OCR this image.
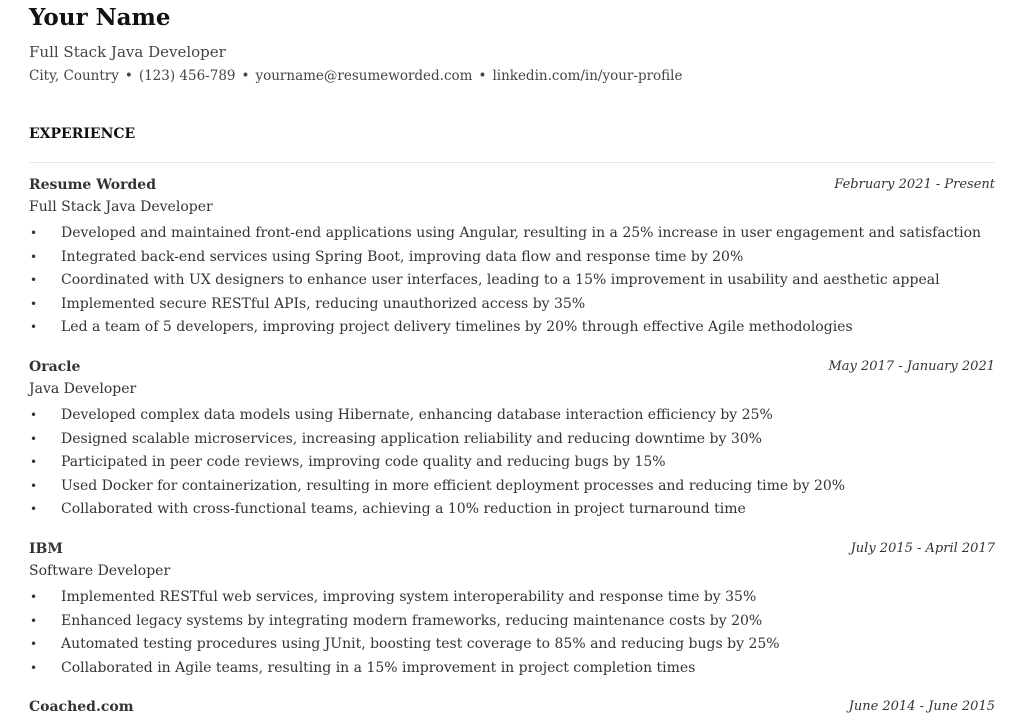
Your Name
Full Stack Java Developer
City, Country • (123) 456-789 • yourname@resumeworded.com • linkedin.com/in/your-profile
EXPERIENCE
Resume Worded	February 2021 - Present
Full Stack Java Developer
• Developed and maintained front-end applications using Angular, resulting in a 25% increase in user engagement and satisfaction
• Integrated back-end services using Spring Boot, improving data flow and response time by 20%
• Coordinated with UX designers to enhance user interfaces, leading to a 15% improvement in usability and aesthetic appeal
• Implemented secure RESTful APIs, reducing unauthorized access by 35%
• Led a team of 5 developers, improving project delivery timelines by 20% through effective Agile methodologies
Oracle	May 2017 - January 2021
Java Developer
• Developed complex data models using Hibernate, enhancing database interaction efficiency by 25%
• Designed scalable microservices, increasing application reliability and reducing downtime by 30%
• Participated in peer code reviews, improving code quality and reducing bugs by 15%
• Used Docker for containerization, resulting in more efficient deployment processes and reducing time by 20%
• Collaborated with cross-functional teams, achieving a 10% reduction in project turnaround time
IBM	July 2015 - April 2017
Software Developer
• Implemented RESTful web services, improving system interoperability and response time by 35%
• Enhanced legacy systems by integrating modern frameworks, reducing maintenance costs by 20%
• Automated testing procedures using JUnit, boosting test coverage to 85% and reducing bugs by 25%
• Collaborated in Agile teams, resulting in a 15% improvement in project completion times
Coached.com	June 2014 - June 2015
